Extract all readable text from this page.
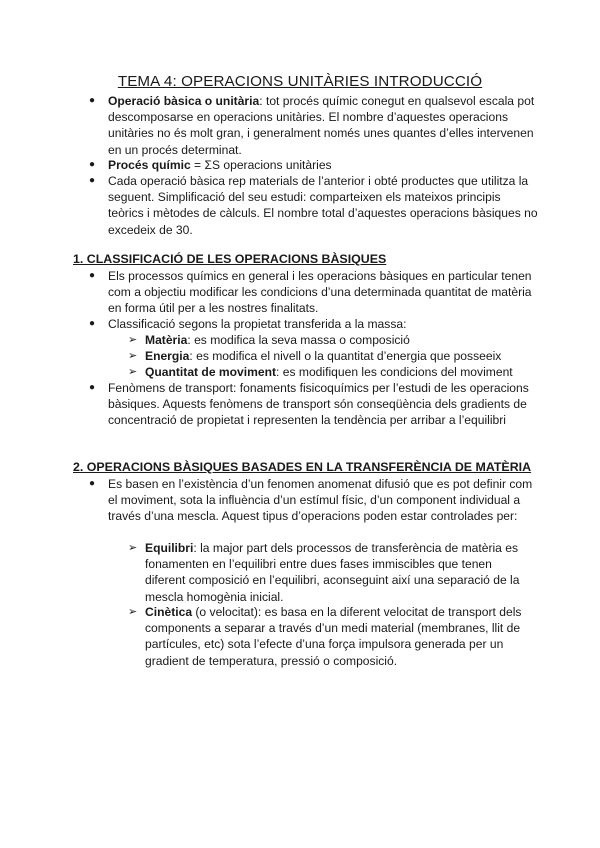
TEMA 4: OPERACIONS UNITÀRIES INTRODUCCIÓ
● Operació bàsica o unitària: tot procés químic conegut en qualsevol escala pot descomposarse en operacions unitàries. El nombre d’aquestes operacions unitàries no és molt gran, i generalment només unes quantes d’elles intervenen en un procés determinat.
● Procés químic = ΣS operacions unitàries
● Cada operació bàsica rep materials de l’anterior i obté productes que utilitza la seguent. Simplificació del seu estudi: comparteixen els mateixos principis teòrics i mètodes de càlculs. El nombre total d’aquestes operacions bàsiques no excedeix de 30.
1. CLASSIFICACIÓ DE LES OPERACIONS BÀSIQUES
● Els processos químics en general i les operacions bàsiques en particular tenen com a objectiu modificar les condicions d’una determinada quantitat de matèria en forma útil per a les nostres finalitats.
● Classificació segons la propietat transferida a la massa:
➢ Matèria: es modifica la seva massa o composició
➢ Energia: es modifica el nivell o la quantitat d’energia que posseeix
➢ Quantitat de moviment: es modifiquen les condicions del moviment
● Fenòmens de transport: fonaments fisicoquímics per l’estudi de les operacions bàsiques. Aquests fenòmens de transport són conseqüència dels gradients de concentració de propietat i representen la tendència per arribar a l’equilibri
2. OPERACIONS BÀSIQUES BASADES EN LA TRANSFERÈNCIA DE MATÈRIA
● Es basen en l’existència d’un fenomen anomenat difusió que es pot definir com el moviment, sota la influència d’un estímul físic, d’un component individual a través d’una mescla. Aquest tipus d’operacions poden estar controlades per:
➢ Equilibri: la major part dels processos de transferència de matèria es fonamenten en l’equilibri entre dues fases immiscibles que tenen diferent composició en l’equilibri, aconseguint així una separació de la mescla homogènia inicial.
➢ Cinètica (o velocitat): es basa en la diferent velocitat de transport dels components a separar a través d’un medi material (membranes, llit de partícules, etc) sota l’efecte d’una força impulsora generada per un gradient de temperatura, pressió o composició.
